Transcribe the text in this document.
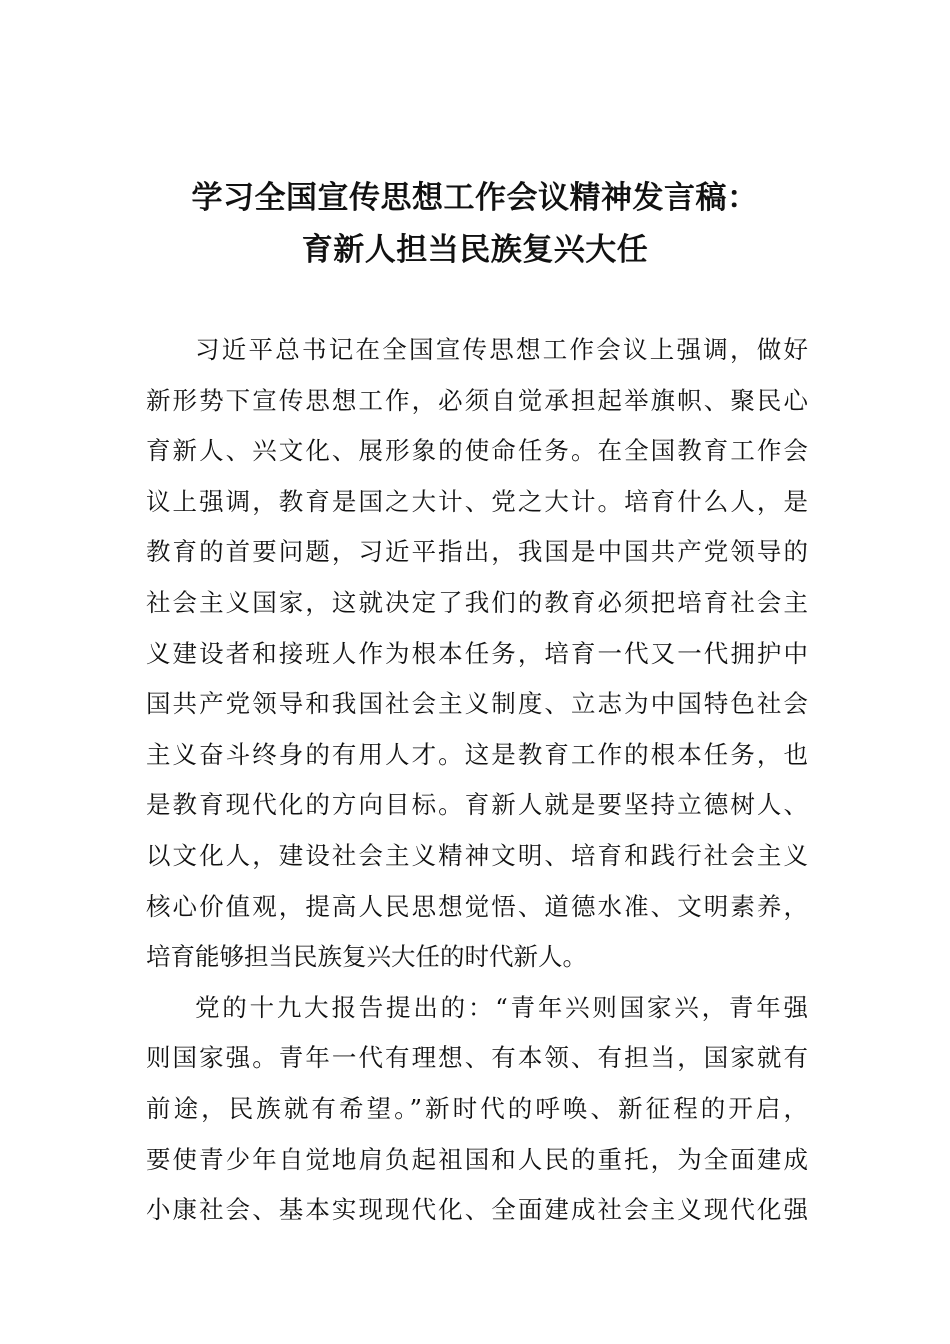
学习全国宣传思想工作会议精神发言稿：
育新人担当民族复兴大任
习近平总书记在全国宣传思想工作会议上强调，做好
新形势下宣传思想工作，必须自觉承担起举旗帜、聚民心
育新人、兴文化、展形象的使命任务。在全国教育工作会
议上强调，教育是国之大计、党之大计。培育什么人，是
教育的首要问题，习近平指出，我国是中国共产党领导的
社会主义国家，这就决定了我们的教育必须把培育社会主
义建设者和接班人作为根本任务，培育一代又一代拥护中
国共产党领导和我国社会主义制度、立志为中国特色社会
主义奋斗终身的有用人才。这是教育工作的根本任务，也
是教育现代化的方向目标。育新人就是要坚持立德树人、
以文化人，建设社会主义精神文明、培育和践行社会主义
核心价值观，提高人民思想觉悟、道德水准、文明素养，
培育能够担当民族复兴大任的时代新人。
党的十九大报告提出的：“青年兴则国家兴，青年强
则国家强。青年一代有理想、有本领、有担当，国家就有
前途，民族就有希望。”新时代的呼唤、新征程的开启，
要使青少年自觉地肩负起祖国和人民的重托，为全面建成
小康社会、基本实现现代化、全面建成社会主义现代化强
